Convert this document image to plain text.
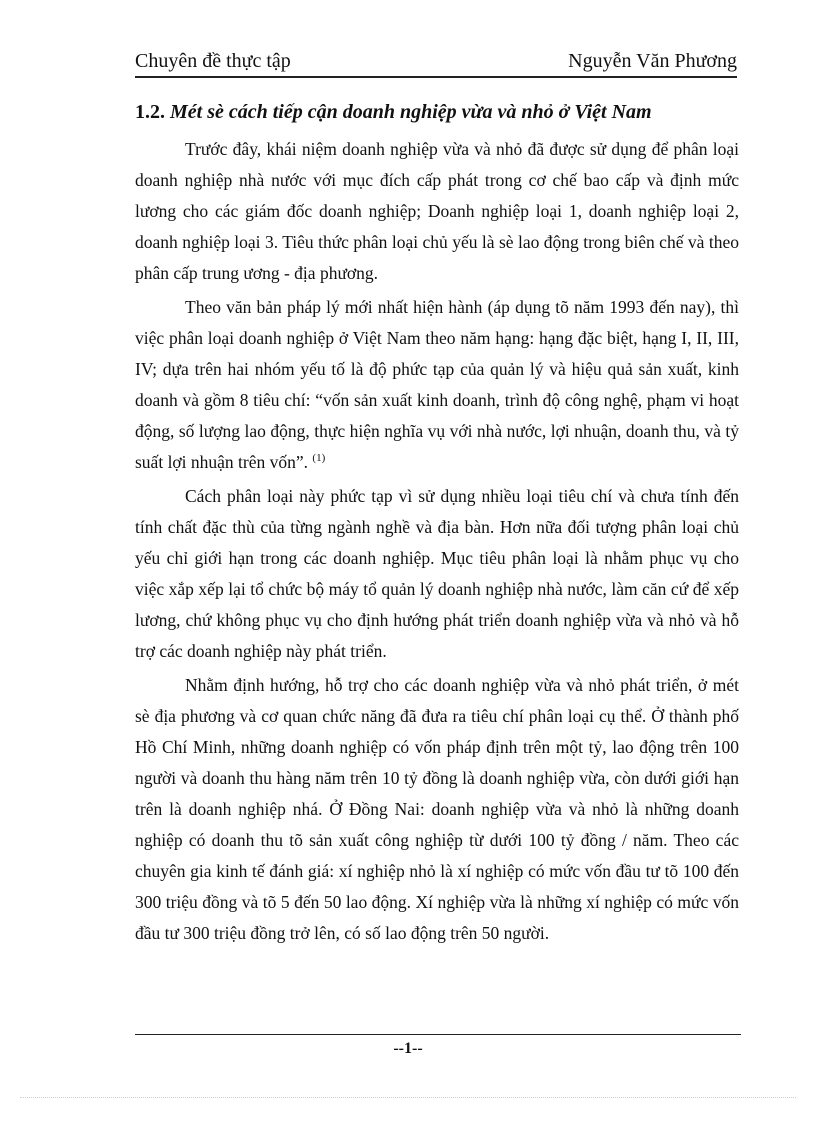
Chuyên đề thực tập	Nguyễn Văn Phương
1.2. Mét sè cách tiếp cận doanh nghiệp vừa và nhỏ ở Việt Nam

Trước đây, khái niệm doanh nghiệp vừa và nhỏ đã được sử dụng để phân loại doanh nghiệp nhà nước với mục đích cấp phát trong cơ chế bao cấp và định mức lương cho các giám đốc doanh nghiệp; Doanh nghiệp loại 1, doanh nghiệp loại 2, doanh nghiệp loại 3. Tiêu thức phân loại chủ yếu là sè lao động trong biên chế và theo phân cấp trung ương - địa phương.

Theo văn bản pháp lý mới nhất hiện hành (áp dụng tõ năm 1993 đến nay), thì việc phân loại doanh nghiệp ở Việt Nam theo năm hạng: hạng đặc biệt, hạng I, II, III, IV; dựa trên hai nhóm yếu tố là độ phức tạp của quản lý và hiệu quả sản xuất, kinh doanh và gồm 8 tiêu chí: “vốn sản xuất kinh doanh, trình độ công nghệ, phạm vi hoạt động, số lượng lao động, thực hiện nghĩa vụ với nhà nước, lợi nhuận, doanh thu, và tỷ suất lợi nhuận trên vốn”. $^{(1)}$

Cách phân loại này phức tạp vì sử dụng nhiều loại tiêu chí và chưa tính đến tính chất đặc thù của từng ngành nghề và địa bàn. Hơn nữa đối tượng phân loại chủ yếu chỉ giới hạn trong các doanh nghiệp. Mục tiêu phân loại là nhằm phục vụ cho việc xắp xếp lại tổ chức bộ máy tổ quản lý doanh nghiệp nhà nước, làm căn cứ để xếp lương, chứ không phục vụ cho định hướng phát triển doanh nghiệp vừa và nhỏ và hỗ trợ các doanh nghiệp này phát triển.

Nhằm định hướng, hỗ trợ cho các doanh nghiệp vừa và nhỏ phát triển, ở mét sè địa phương và cơ quan chức năng đã đưa ra tiêu chí phân loại cụ thể. Ở thành phố Hồ Chí Minh, những doanh nghiệp có vốn pháp định trên một tỷ, lao động trên 100 người và doanh thu hàng năm trên 10 tỷ đồng là doanh nghiệp vừa, còn dưới giới hạn trên là doanh nghiệp nhá. Ở Đồng Nai: doanh nghiệp vừa và nhỏ là những doanh nghiệp có doanh thu tõ sản xuất công nghiệp từ dưới 100 tỷ đồng / năm. Theo các chuyên gia kinh tế đánh giá: xí nghiệp nhỏ là xí nghiệp có mức vốn đầu tư tõ 100 đến 300 triệu đồng và tõ 5 đến 50 lao động. Xí nghiệp vừa là những xí nghiệp có mức vốn đầu tư 300 triệu đồng trở lên, có số lao động trên 50 người.

--1--
